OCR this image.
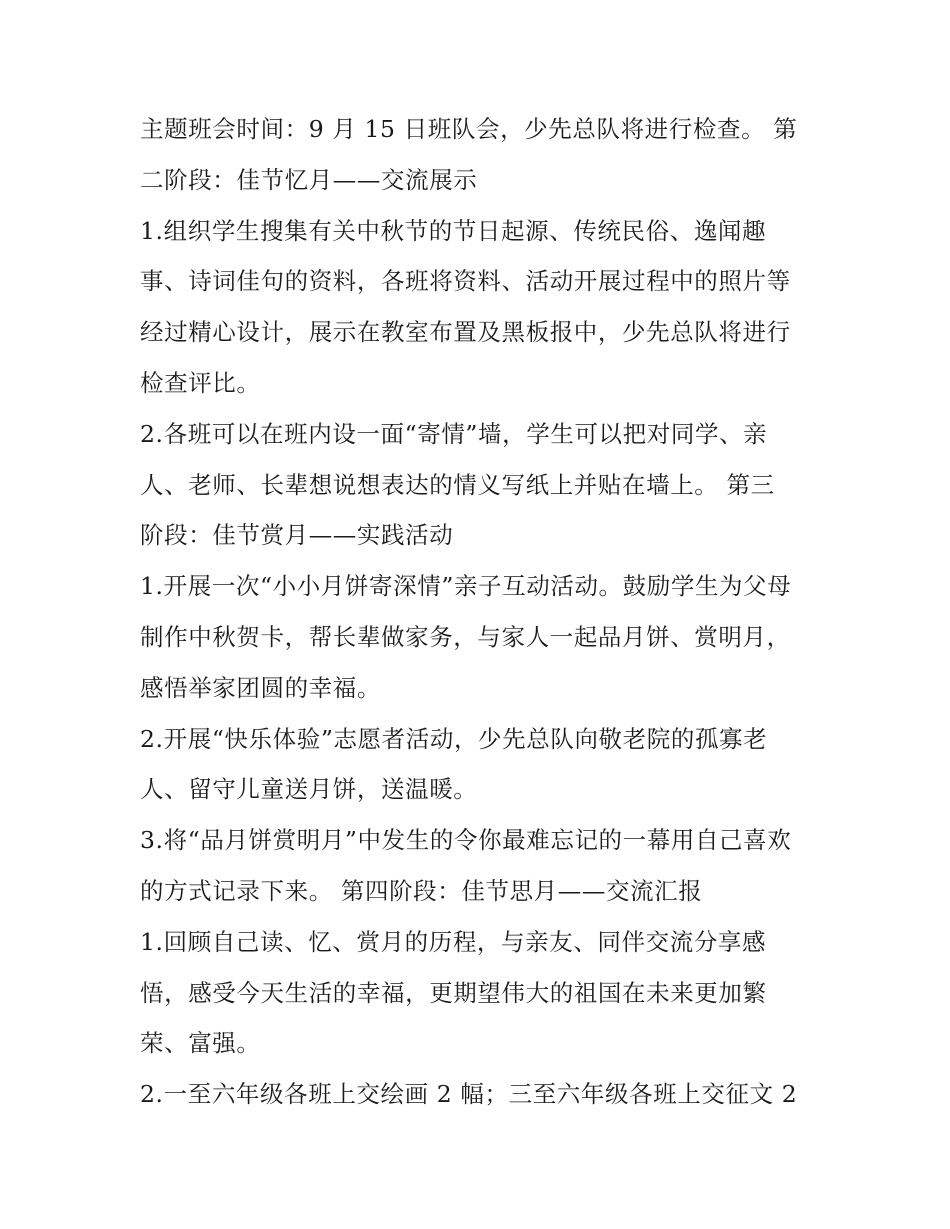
主题班会时间：9 月 15 日班队会，少先总队将进行检查。 第
二阶段：佳节忆月——交流展示
1.组织学生搜集有关中秋节的节日起源、传统民俗、逸闻趣
事、诗词佳句的资料，各班将资料、活动开展过程中的照片等
经过精心设计，展示在教室布置及黑板报中，少先总队将进行
检查评比。
2.各班可以在班内设一面“寄情”墙，学生可以把对同学、亲
人、老师、长辈想说想表达的情义写纸上并贴在墙上。 第三
阶段：佳节赏月——实践活动
1.开展一次“小小月饼寄深情”亲子互动活动。鼓励学生为父母
制作中秋贺卡，帮长辈做家务，与家人一起品月饼、赏明月，
感悟举家团圆的幸福。
2.开展“快乐体验”志愿者活动，少先总队向敬老院的孤寡老
人、留守儿童送月饼，送温暖。
3.将“品月饼赏明月”中发生的令你最难忘记的一幕用自己喜欢
的方式记录下来。 第四阶段：佳节思月——交流汇报
1.回顾自己读、忆、赏月的历程，与亲友、同伴交流分享感
悟，感受今天生活的幸福，更期望伟大的祖国在未来更加繁
荣、富强。
2.一至六年级各班上交绘画 2 幅；三至六年级各班上交征文 2
